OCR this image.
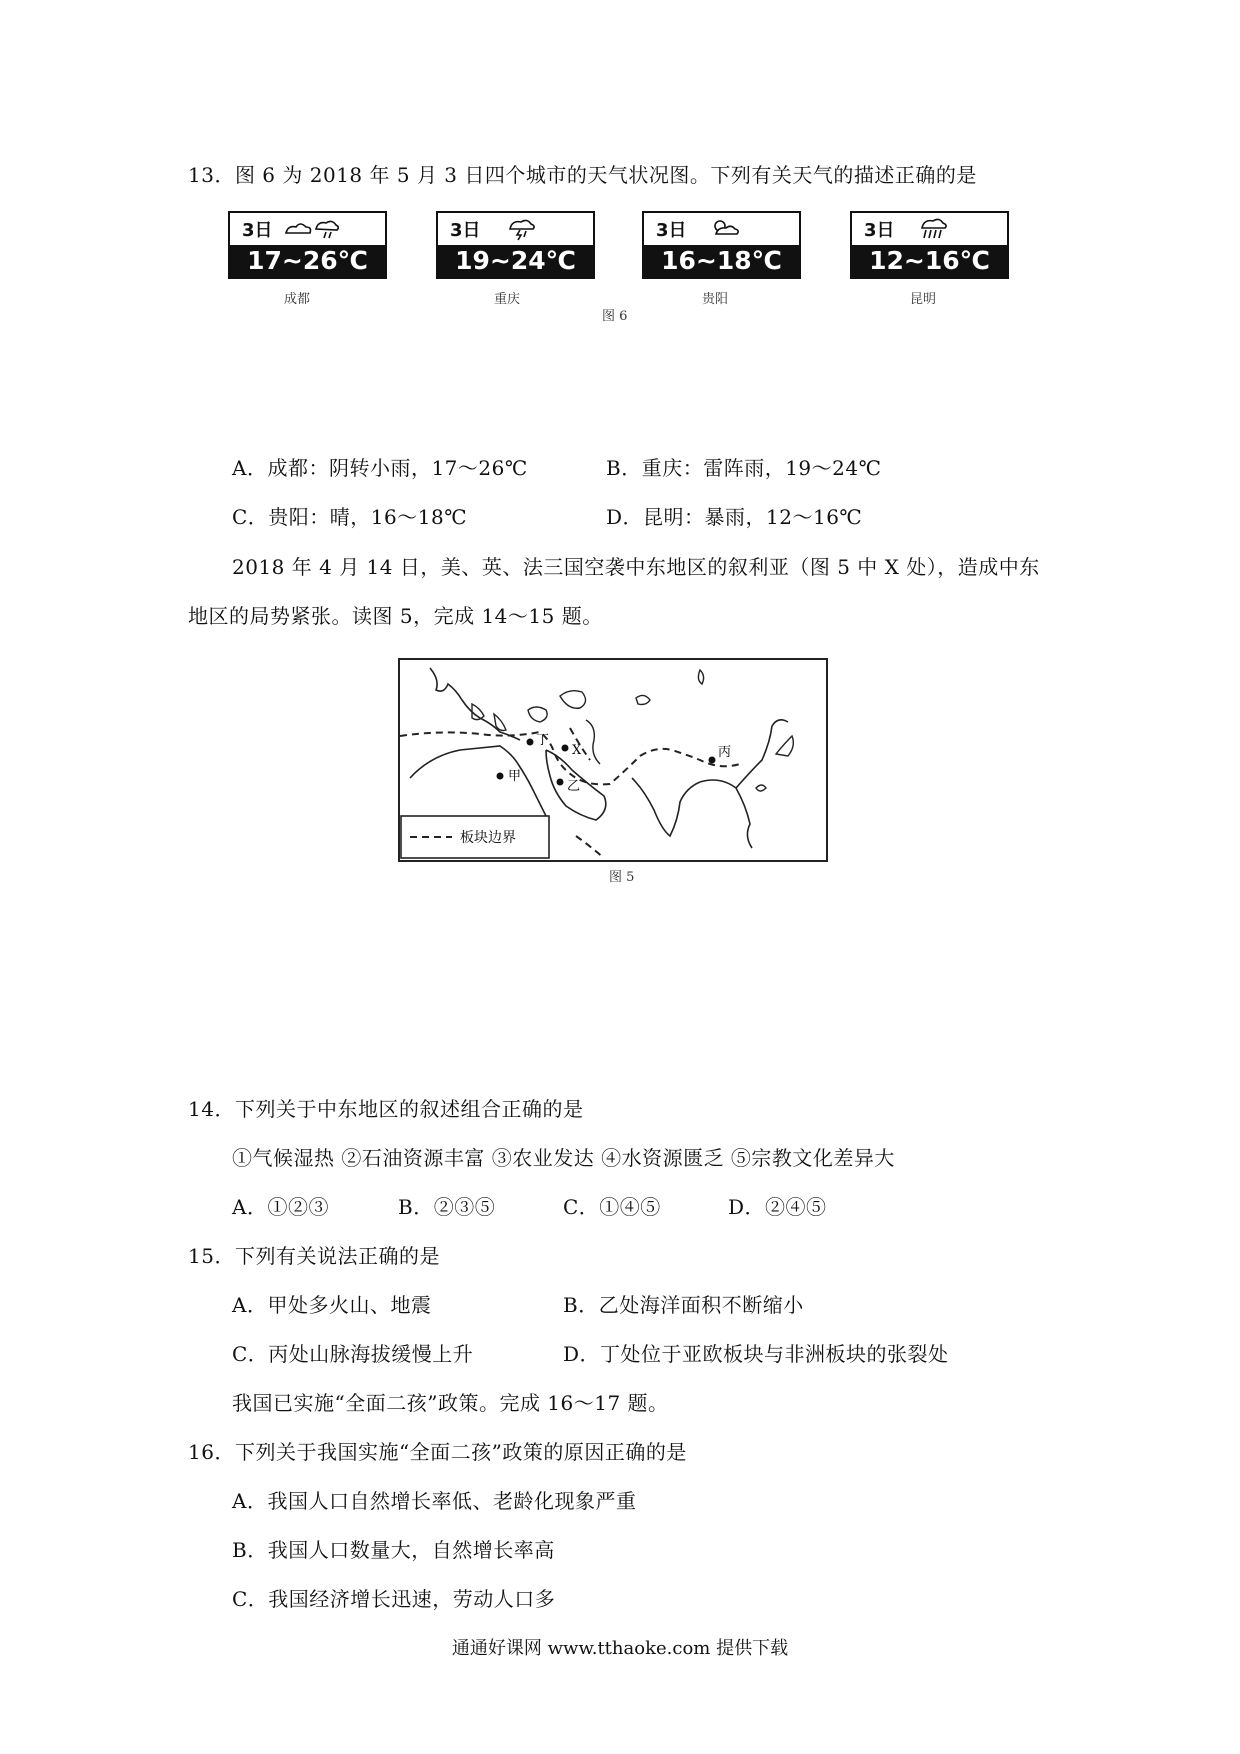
13．图 6 为 2018 年 5 月 3 日四个城市的天气状况图。下列有关天气的描述正确的是
3日
17~26℃
成都
3日
19~24℃
重庆
3日
16~18℃
贵阳
3日
12~16℃
昆明
图 6
A．成都：阴转小雨，17～26℃	B．重庆：雷阵雨，19～24℃
C．贵阳：晴，16～18℃	D．昆明：暴雨，12～16℃
2018 年 4 月 14 日，美、英、法三国空袭中东地区的叙利亚（图 5 中 X 处），造成中东
地区的局势紧张。读图 5，完成 14～15 题。
丁
X
甲
乙
丙
板块边界
图 5
14．下列关于中东地区的叙述组合正确的是
①气候湿热 ②石油资源丰富 ③农业发达 ④水资源匮乏 ⑤宗教文化差异大
A．①②③	B．②③⑤	C．①④⑤	D．②④⑤
15．下列有关说法正确的是
A．甲处多火山、地震	B．乙处海洋面积不断缩小
C．丙处山脉海拔缓慢上升	D．丁处位于亚欧板块与非洲板块的张裂处
我国已实施“全面二孩”政策。完成 16～17 题。
16．下列关于我国实施“全面二孩”政策的原因正确的是
A．我国人口自然增长率低、老龄化现象严重
B．我国人口数量大，自然增长率高
C．我国经济增长迅速，劳动人口多
通通好课网 www.tthaoke.com 提供下载
